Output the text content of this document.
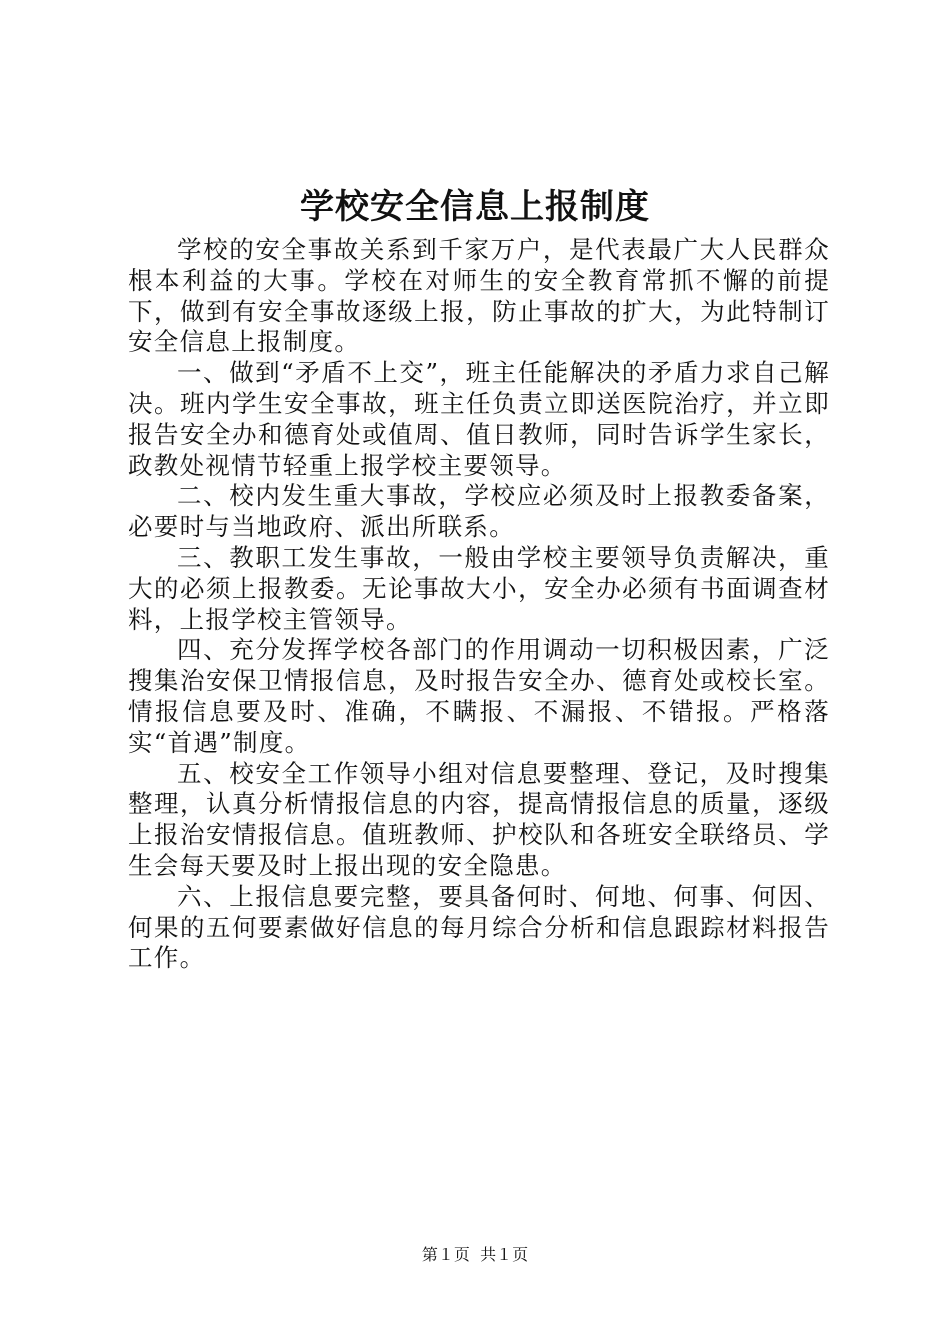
学校安全信息上报制度

学校的安全事故关系到千家万户，是代表最广大人民群众根本利益的大事。学校在对师生的安全教育常抓不懈的前提下，做到有安全事故逐级上报，防止事故的扩大，为此特制订安全信息上报制度。

一、做到“矛盾不上交”，班主任能解决的矛盾力求自己解决。班内学生安全事故，班主任负责立即送医院治疗，并立即报告安全办和德育处或值周、值日教师，同时告诉学生家长，政教处视情节轻重上报学校主要领导。

二、校内发生重大事故，学校应必须及时上报教委备案，必要时与当地政府、派出所联系。

三、教职工发生事故，一般由学校主要领导负责解决，重大的必须上报教委。无论事故大小，安全办必须有书面调查材料，上报学校主管领导。

四、充分发挥学校各部门的作用调动一切积极因素，广泛搜集治安保卫情报信息，及时报告安全办、德育处或校长室。情报信息要及时、准确，不瞒报、不漏报、不错报。严格落实“首遇”制度。

五、校安全工作领导小组对信息要整理、登记，及时搜集整理，认真分析情报信息的内容，提高情报信息的质量，逐级上报治安情报信息。值班教师、护校队和各班安全联络员、学生会每天要及时上报出现的安全隐患。

六、上报信息要完整，要具备何时、何地、何事、何因、何果的五何要素做好信息的每月综合分析和信息跟踪材料报告工作。

第１页  共１页
